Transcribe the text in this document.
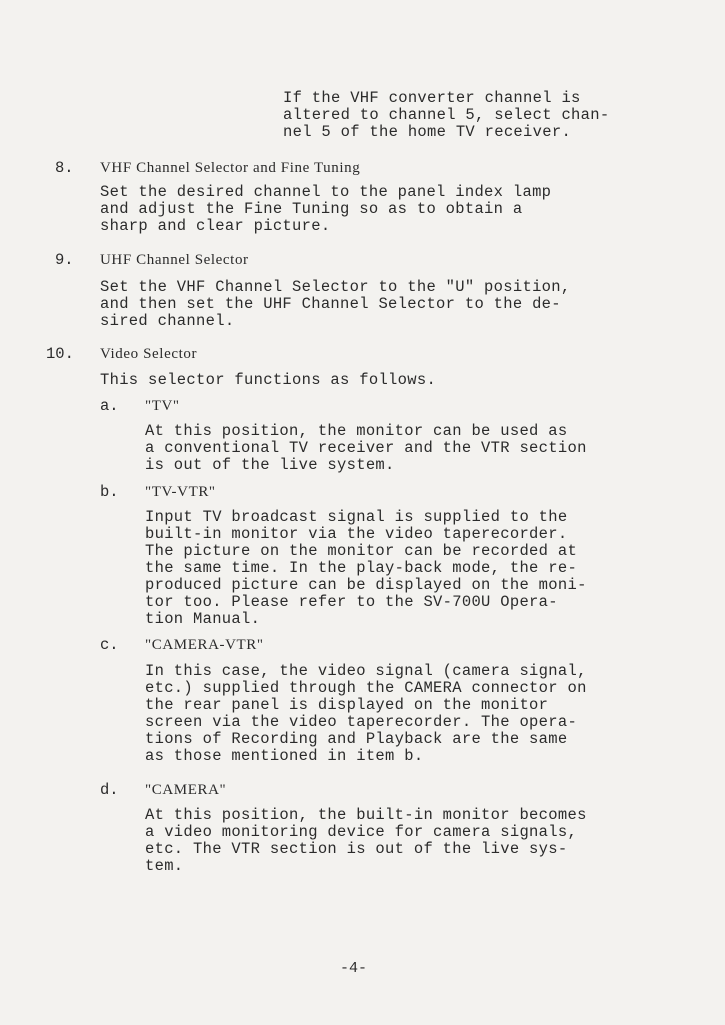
If the VHF converter channel is
altered to channel 5, select chan-
nel 5 of the home TV receiver.
8. VHF Channel Selector and Fine Tuning
Set the desired channel to the panel index lamp
and adjust the Fine Tuning so as to obtain a
sharp and clear picture.
9. UHF Channel Selector
Set the VHF Channel Selector to the "U" position,
and then set the UHF Channel Selector to the de-
sired channel.
10. Video Selector
This selector functions as follows.
a. "TV"
At this position, the monitor can be used as
a conventional TV receiver and the VTR section
is out of the live system.
b. "TV-VTR"
Input TV broadcast signal is supplied to the
built-in monitor via the video taperecorder.
The picture on the monitor can be recorded at
the same time. In the play-back mode, the re-
produced picture can be displayed on the moni-
tor too. Please refer to the SV-700U Opera-
tion Manual.
c. "CAMERA-VTR"
In this case, the video signal (camera signal,
etc.) supplied through the CAMERA connector on
the rear panel is displayed on the monitor
screen via the video taperecorder. The opera-
tions of Recording and Playback are the same
as those mentioned in item b.
d. "CAMERA"
At this position, the built-in monitor becomes
a video monitoring device for camera signals,
etc. The VTR section is out of the live sys-
tem.
-4-
